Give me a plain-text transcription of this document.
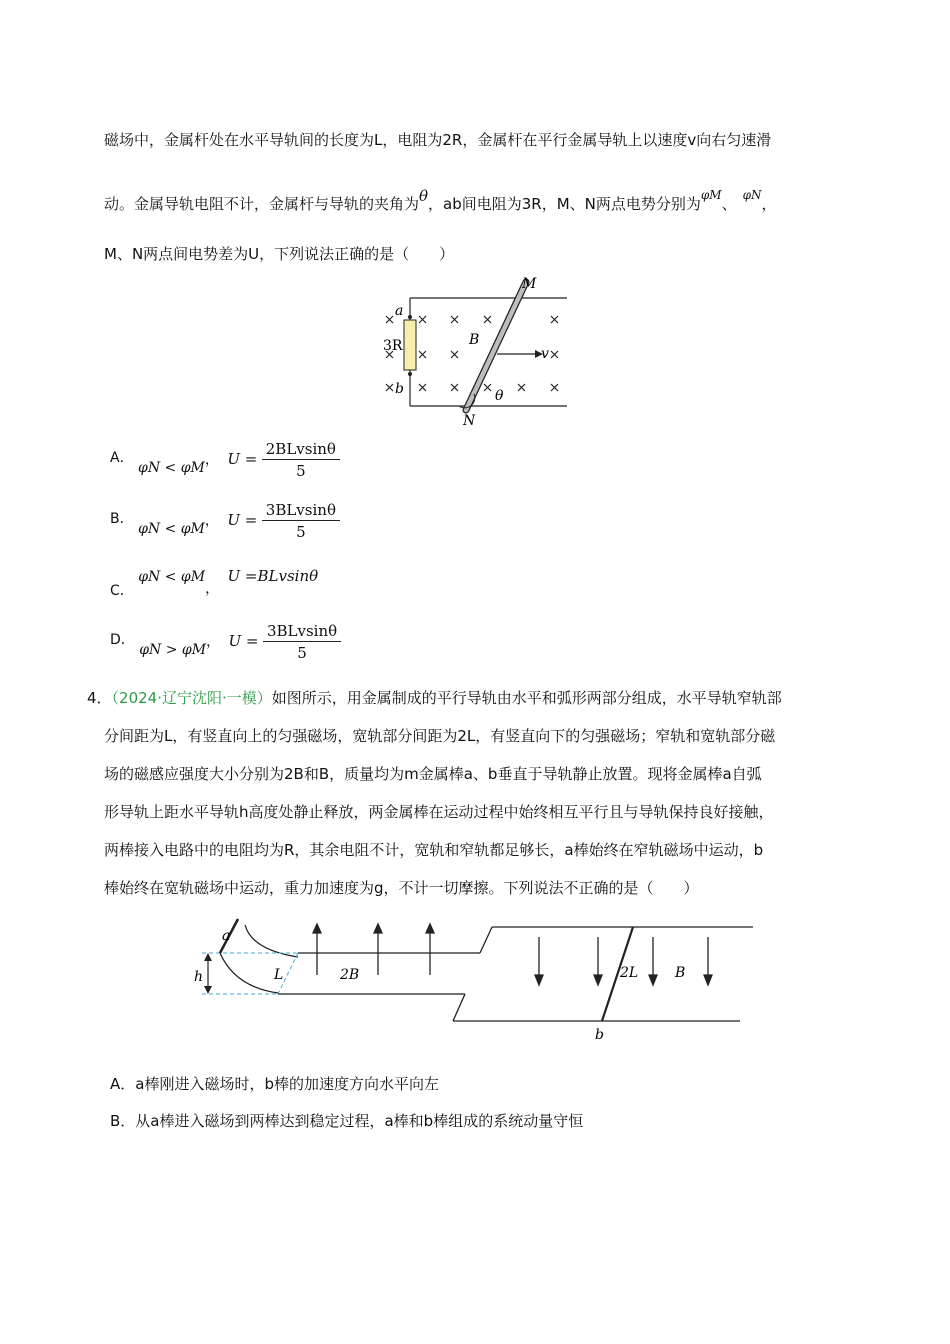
磁场中，金属杆处在水平导轨间的长度为L，电阻为2R，金属杆在平行金属导轨上以速度v向右匀速滑
动。金属导轨电阻不计，金属杆与导轨的夹角为θ，ab间电阻为3R，M、N两点电势分别为$^{\varphi M}$、 $^{\varphi N}$，
M、N两点间电势差为U，下列说法正确的是（　　）
M
N
a
b
3R	B
v
θ
A． φN < φM， $U = \frac{\text{2BLvsinθ}}{5}$
B． φN < φM， $U = \frac{\text{3BLvsinθ}}{5}$
C． φN < φM， U =BLvsinθ
D． φN > φM， $U = \frac{\text{3BLvsinθ}}{5}$
4．（2024·辽宁沈阳·一模）如图所示，用金属制成的平行导轨由水平和弧形两部分组成，水平导轨窄轨部
分间距为L，有竖直向上的匀强磁场，宽轨部分间距为2L，有竖直向下的匀强磁场；窄轨和宽轨部分磁
场的磁感应强度大小分别为2B和B，质量均为m金属棒a、b垂直于导轨静止放置。现将金属棒a自弧
形导轨上距水平导轨h高度处静止释放，两金属棒在运动过程中始终相互平行且与导轨保持良好接触，
两棒接入电路中的电阻均为R，其余电阻不计，宽轨和窄轨都足够长，a棒始终在窄轨磁场中运动，b
棒始终在宽轨磁场中运动，重力加速度为g，不计一切摩擦。下列说法不正确的是（　　）
a
h	L	2B	2L	B
b
A．a棒刚进入磁场时，b棒的加速度方向水平向左
B．从a棒进入磁场到两棒达到稳定过程，a棒和b棒组成的系统动量守恒
